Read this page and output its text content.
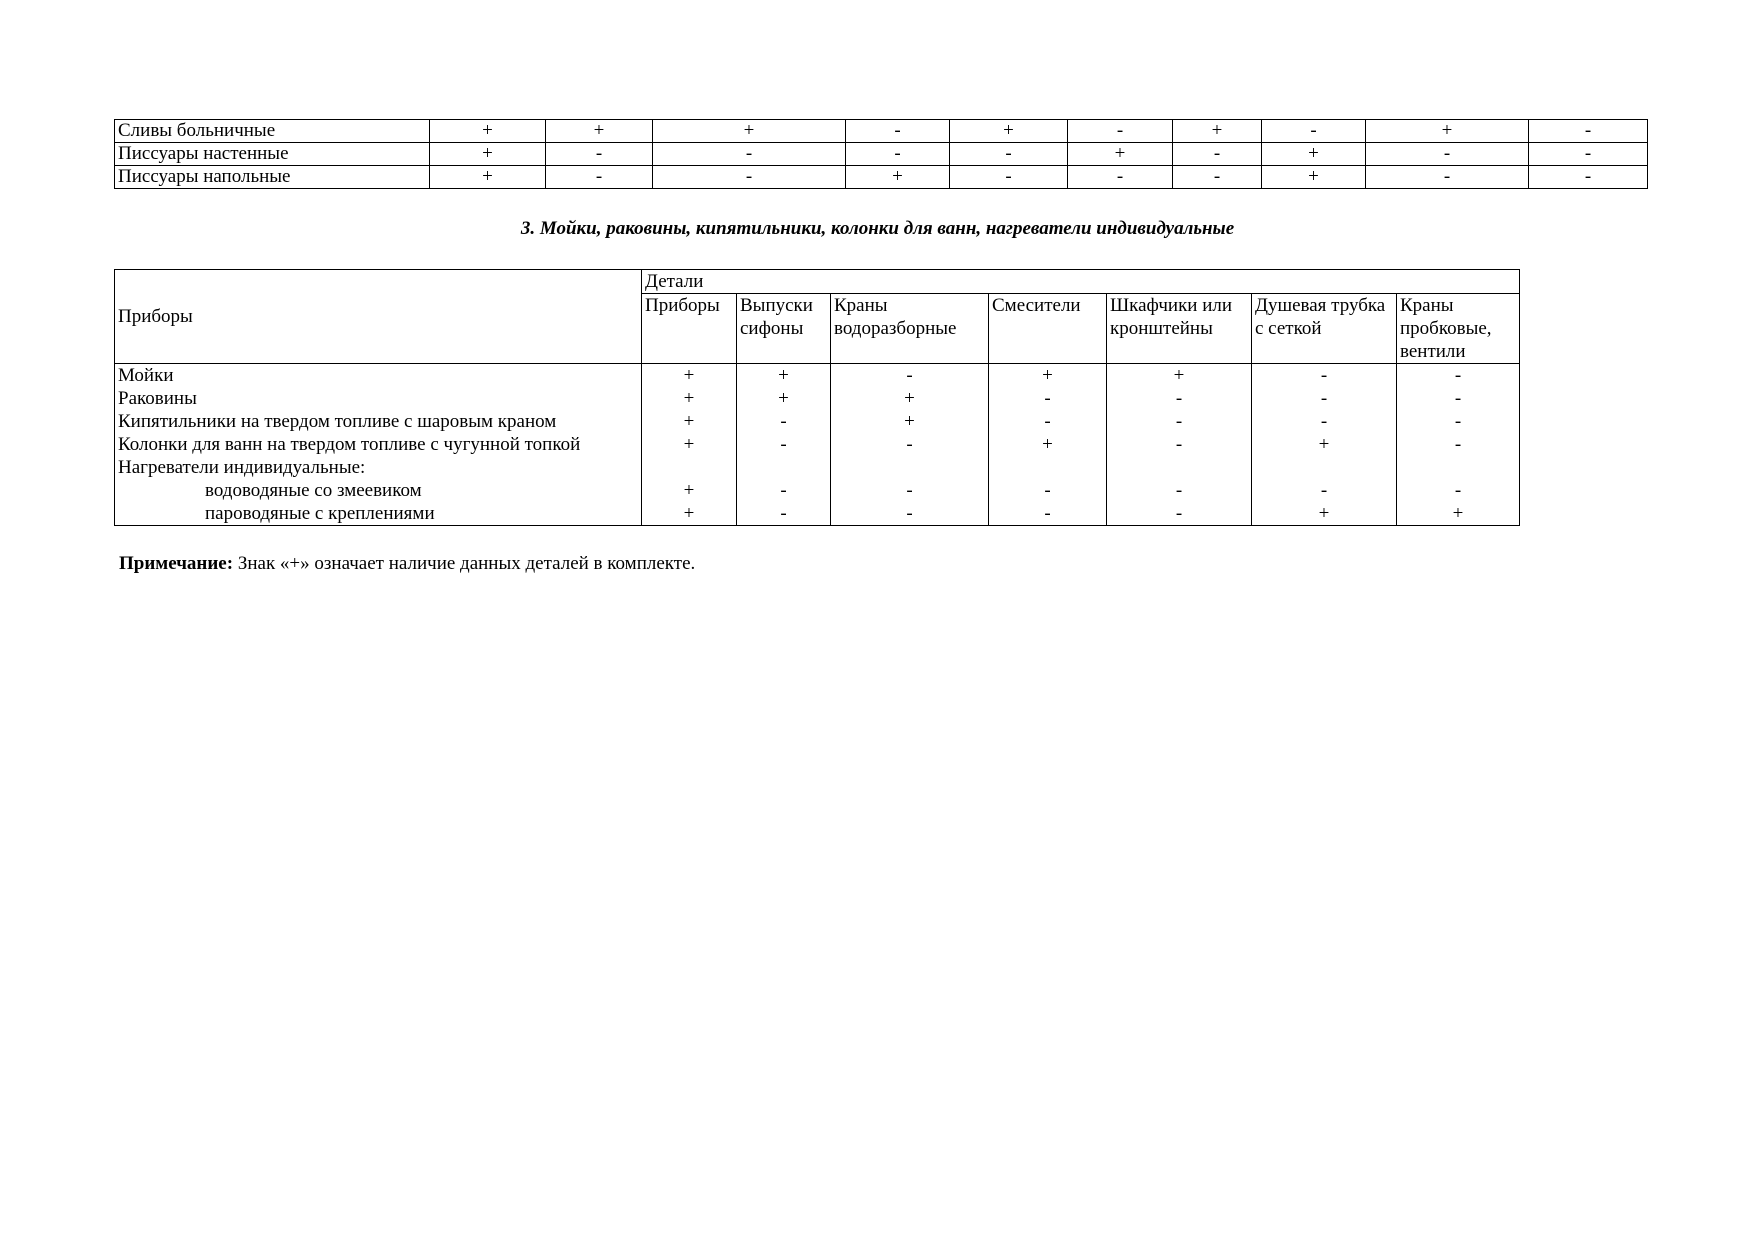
Сливы больничные	+	+	+	-	+	-	+	-	+	-
Писсуары настенные	+	-	-	-	-	+	-	+	-	-
Писсуары напольные	+	-	-	+	-	-	-	+	-	-
3. Мойки, раковины, кипятильники, колонки для ванн, нагреватели индивидуальные
Приборы	Детали						
	Приборы	Выпуски сифоны	Краны водоразборные	Смесители	Шкафчики или кронштейны	Душевая трубка с сеткой	Краны пробковые, вентили
Мойки	+	+	-	+	+	-	-
Раковины	+	+	+	-	-	-	-
Кипятильники на твердом топливе с шаровым краном	+	-	+	-	-	-	-
Колонки для ванн на твердом топливе с чугунной топкой	+	-	-	+	-	+	-
Нагреватели индивидуальные:							
водоводяные со змеевиком	+	-	-	-	-	-	-
пароводяные с креплениями	+	-	-	-	-	+	+
Примечание: Знак «+» означает наличие данных деталей в комплекте.
